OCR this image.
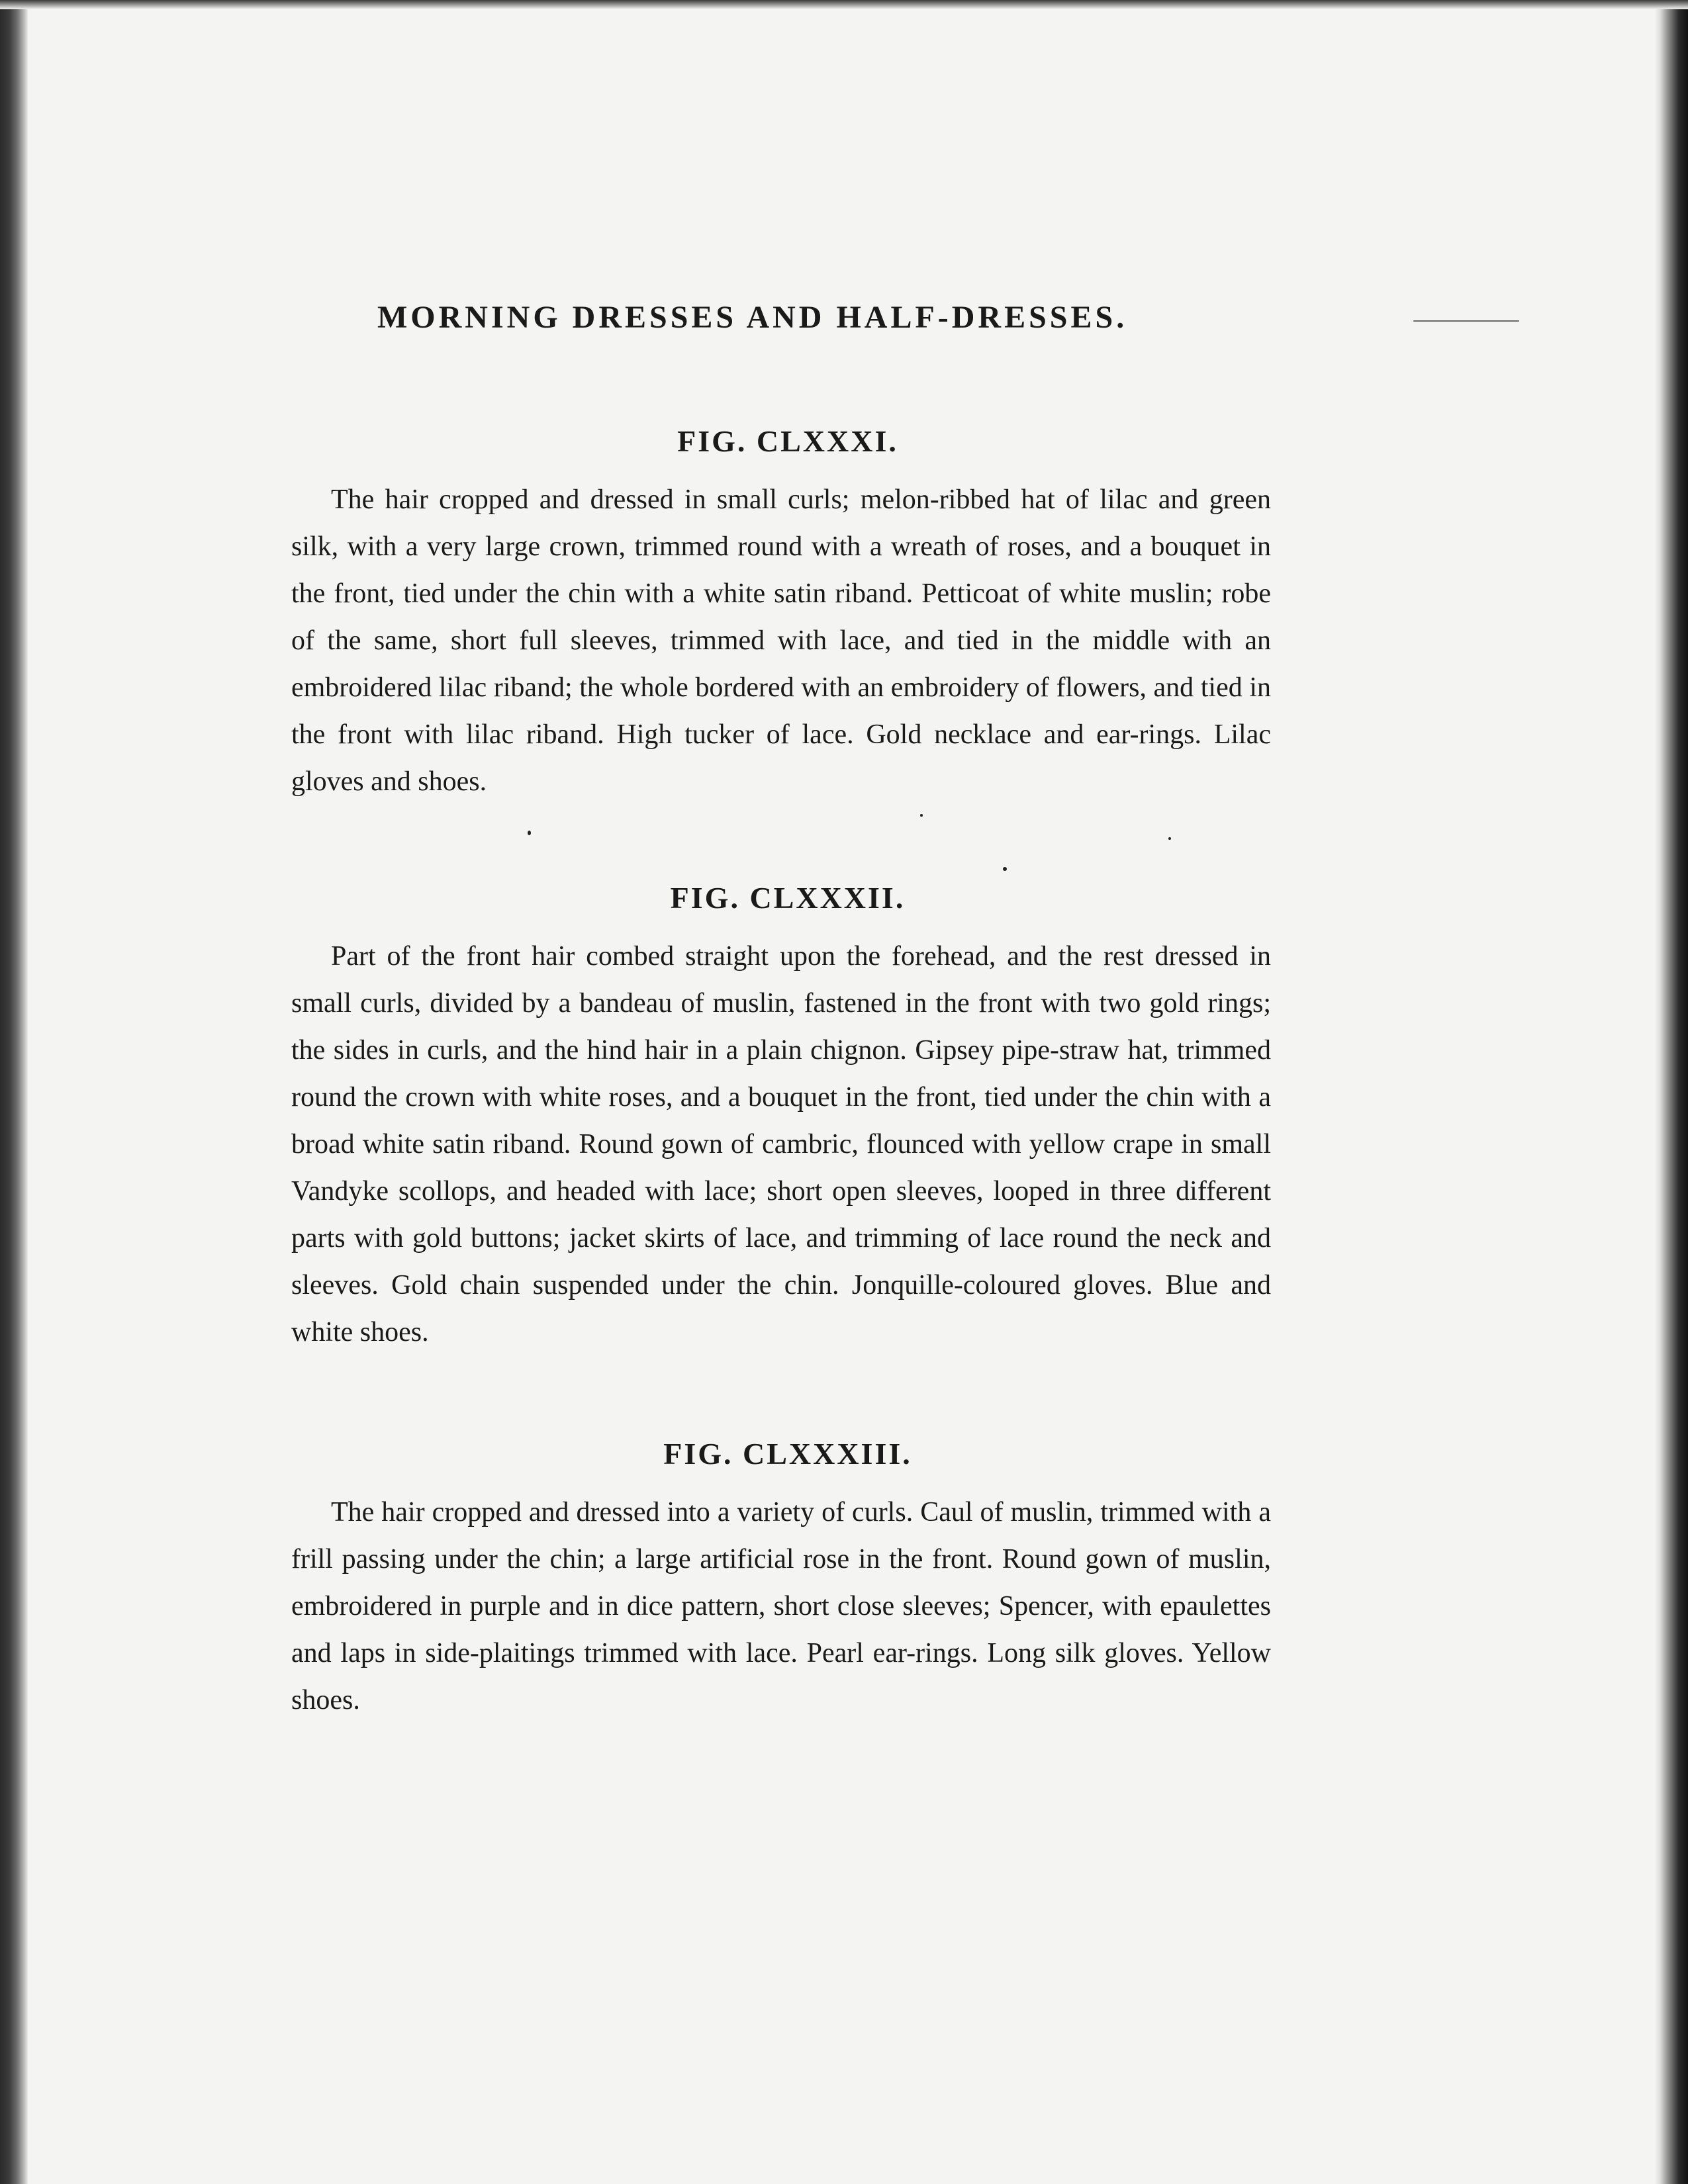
MORNING DRESSES AND HALF-DRESSES.
FIG. CLXXXI.

The hair cropped and dressed in small curls; melon-ribbed hat of lilac and green silk, with a very large crown, trimmed round with a wreath of roses, and a bouquet in the front, tied under the chin with a white satin riband. Petticoat of white muslin; robe of the same, short full sleeves, trimmed with lace, and tied in the middle with an embroidered lilac riband; the whole bordered with an embroidery of flowers, and tied in the front with lilac riband. High tucker of lace. Gold necklace and ear-rings. Lilac gloves and shoes.

FIG. CLXXXII.

Part of the front hair combed straight upon the forehead, and the rest dressed in small curls, divided by a bandeau of muslin, fastened in the front with two gold rings; the sides in curls, and the hind hair in a plain chignon. Gipsey pipe-straw hat, trimmed round the crown with white roses, and a bouquet in the front, tied under the chin with a broad white satin riband. Round gown of cambric, flounced with yellow crape in small Vandyke scollops, and headed with lace; short open sleeves, looped in three different parts with gold buttons; jacket skirts of lace, and trimming of lace round the neck and sleeves. Gold chain suspended under the chin. Jonquille-coloured gloves. Blue and white shoes.

FIG. CLXXXIII.

The hair cropped and dressed into a variety of curls. Caul of muslin, trimmed with a frill passing under the chin; a large artificial rose in the front. Round gown of muslin, embroidered in purple and in dice pattern, short close sleeves; Spencer, with epaulettes and laps in side-plaitings trimmed with lace. Pearl ear-rings. Long silk gloves. Yellow shoes.
